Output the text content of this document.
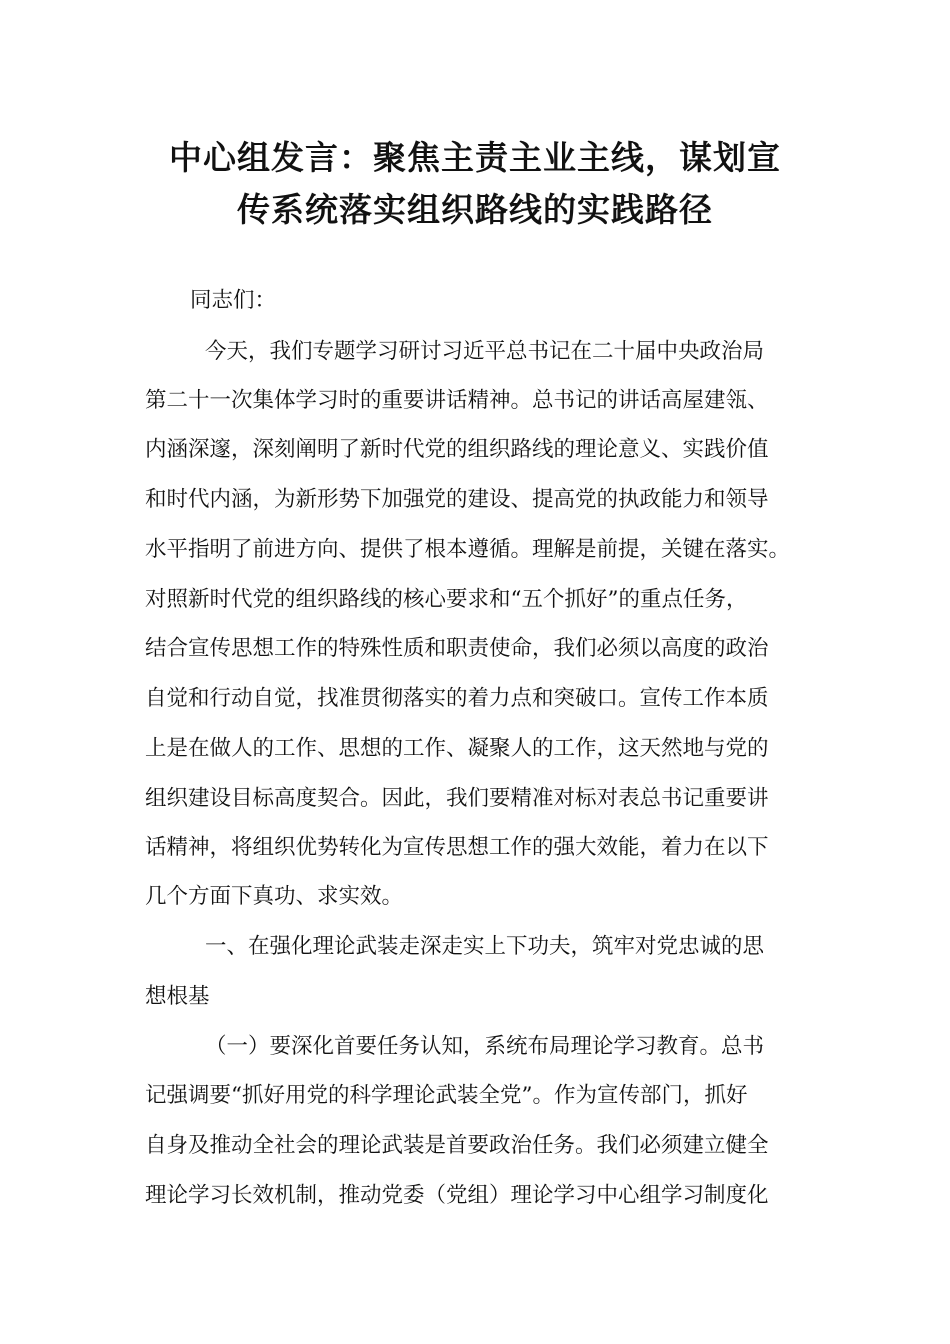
中心组发言：聚焦主责主业主线，谋划宣
传系统落实组织路线的实践路径
同志们：
今天，我们专题学习研讨习近平总书记在二十届中央政治局
第二十一次集体学习时的重要讲话精神。总书记的讲话高屋建瓴、
内涵深邃，深刻阐明了新时代党的组织路线的理论意义、实践价值
和时代内涵，为新形势下加强党的建设、提高党的执政能力和领导
水平指明了前进方向、提供了根本遵循。理解是前提，关键在落实。
对照新时代党的组织路线的核心要求和“五个抓好”的重点任务，
结合宣传思想工作的特殊性质和职责使命，我们必须以高度的政治
自觉和行动自觉，找准贯彻落实的着力点和突破口。宣传工作本质
上是在做人的工作、思想的工作、凝聚人的工作，这天然地与党的
组织建设目标高度契合。因此，我们要精准对标对表总书记重要讲
话精神，将组织优势转化为宣传思想工作的强大效能，着力在以下
几个方面下真功、求实效。
一、在强化理论武装走深走实上下功夫，筑牢对党忠诚的思
想根基
（一）要深化首要任务认知，系统布局理论学习教育。总书
记强调要“抓好用党的科学理论武装全党”。作为宣传部门，抓好
自身及推动全社会的理论武装是首要政治任务。我们必须建立健全
理论学习长效机制，推动党委（党组）理论学习中心组学习制度化
